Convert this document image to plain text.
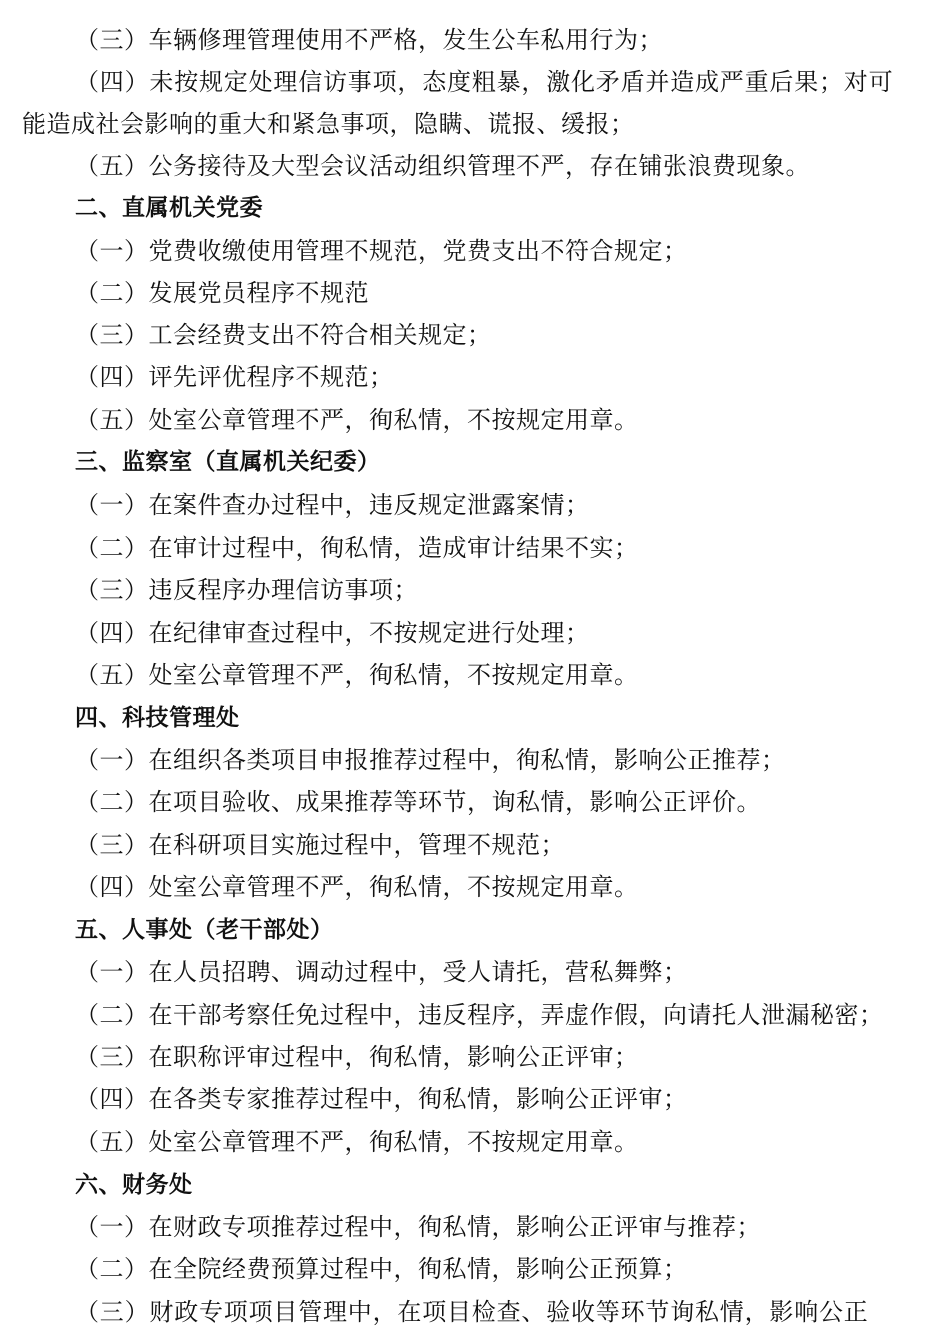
（三）车辆修理管理使用不严格，发生公车私用行为；
（四）未按规定处理信访事项，态度粗暴，激化矛盾并造成严重后果；对可
能造成社会影响的重大和紧急事项，隐瞒、谎报、缓报；
（五）公务接待及大型会议活动组织管理不严，存在铺张浪费现象。
二、直属机关党委
（一）党费收缴使用管理不规范，党费支出不符合规定；
（二）发展党员程序不规范
（三）工会经费支出不符合相关规定；
（四）评先评优程序不规范；
（五）处室公章管理不严，徇私情，不按规定用章。
三、监察室（直属机关纪委）
（一）在案件查办过程中，违反规定泄露案情；
（二）在审计过程中，徇私情，造成审计结果不实；
（三）违反程序办理信访事项；
（四）在纪律审查过程中，不按规定进行处理；
（五）处室公章管理不严，徇私情，不按规定用章。
四、科技管理处
（一）在组织各类项目申报推荐过程中，徇私情，影响公正推荐；
（二）在项目验收、成果推荐等环节，询私情，影响公正评价。
（三）在科研项目实施过程中，管理不规范；
（四）处室公章管理不严，徇私情，不按规定用章。
五、人事处（老干部处）
（一）在人员招聘、调动过程中，受人请托，营私舞弊；
（二）在干部考察任免过程中，违反程序，弄虚作假，向请托人泄漏秘密；
（三）在职称评审过程中，徇私情，影响公正评审；
（四）在各类专家推荐过程中，徇私情，影响公正评审；
（五）处室公章管理不严，徇私情，不按规定用章。
六、财务处
（一）在财政专项推荐过程中，徇私情，影响公正评审与推荐；
（二）在全院经费预算过程中，徇私情，影响公正预算；
（三）财政专项项目管理中，在项目检查、验收等环节询私情，影响公正
